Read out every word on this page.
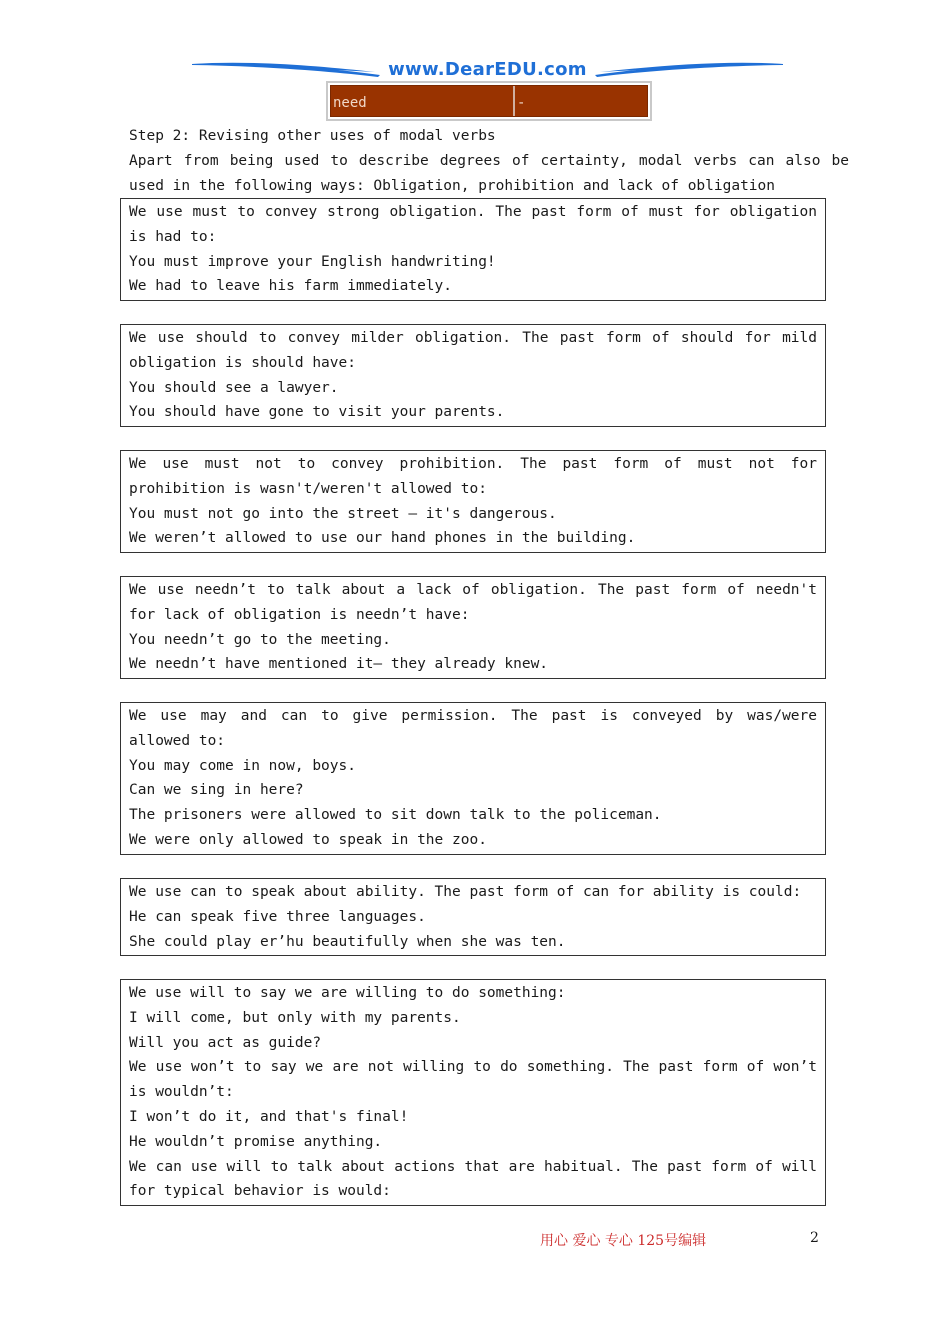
www.DearEDU.com
need	-

Step 2: Revising other uses of modal verbs

Apart from being used to describe degrees of certainty, modal verbs can also be used in the following ways: Obligation, prohibition and lack of obligation

We use must to convey strong obligation. The past form of must for obligation is had to:

You must improve your English handwriting!

We had to leave his farm immediately.

We use should to convey milder obligation. The past form of should for mild obligation is should have:

You should see a lawyer.

You should have gone to visit your parents.

We use must not to convey prohibition. The past form of must not for prohibition is wasn't/weren't allowed to:

You must not go into the street — it's dangerous.

We weren’t allowed to use our hand phones in the building.

We use needn’t to talk about a lack of obligation. The past form of needn't for lack of obligation is needn’t have:

You needn’t go to the meeting.

We needn’t have mentioned it— they already knew.

We use may and can to give permission. The past is conveyed by was/were allowed to:

You may come in now, boys.

Can we sing in here?

The prisoners were allowed to sit down talk to the policeman.

We were only allowed to speak in the zoo.

We use can to speak about ability. The past form of can for ability is could:

He can speak five three languages.

She could play er’hu beautifully when she was ten.

We use will to say we are willing to do something:

I will come, but only with my parents.

Will you act as guide?

We use won’t to say we are not willing to do something. The past form of won’t is wouldn’t:

I won’t do it, and that's final!

He wouldn’t promise anything.

We can use will to talk about actions that are habitual. The past form of will for typical behavior is would:

用心 爱心 专心 125号编辑	2
